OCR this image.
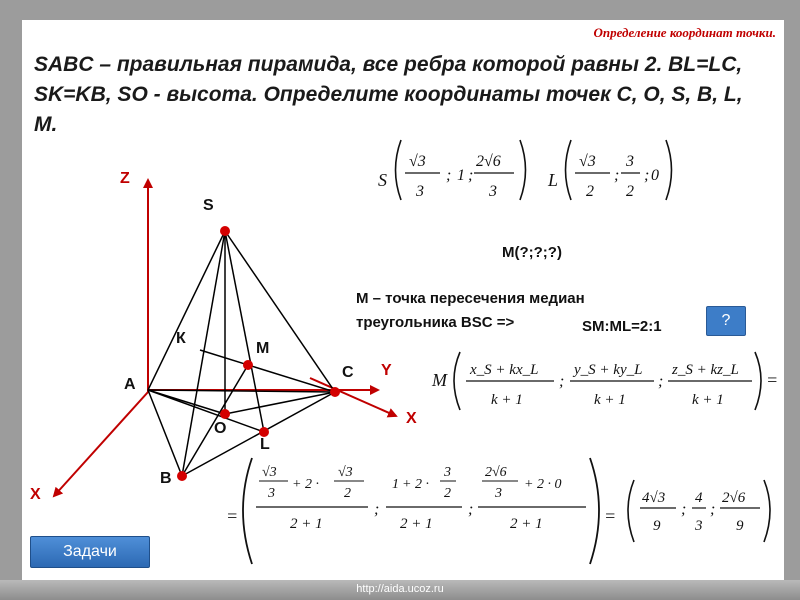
http://aida.ucoz.ru
Определение координат точки.

SABC – правильная пирамида, все ребра которой равны 2. BL=LC, SK=KB, SO - высота. Определите координаты точек C, O, S, B, L, M.

Z
Y
X
X
S
A
B
C
К
M
O
L
S
√3
3
; 1 ;
2√6
3
L
√3
2
;
3
2
; 0
M(?;?;?)
M – точка пересечения медиан
треугольника BSC =>	SM:ML=2:1	?
M x_S + kx_L
k + 1
;
y_S + ky_L
k + 1
;
z_S + kz_L
k + 1
=
=
√3
3
+ 2 ·
√3
2
2 + 1
;
1 + 2 ·
3
2
2 + 1
;
2√6
3
+ 2 · 0
2 + 1	=
4√3
9
;
4
3
;
2√6
9
Задачи
